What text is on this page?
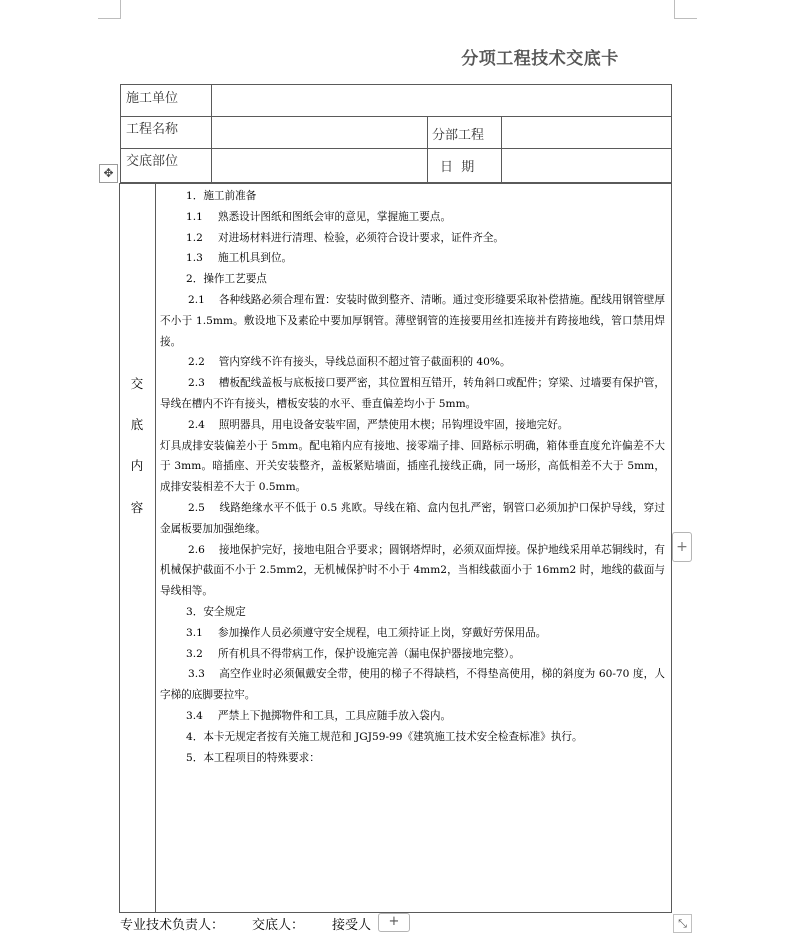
分项工程技术交底卡
施工单位
工程名称	分部工程
交底部位	日  期
✥
交
底
内
容

1．施工前准备

1.1 熟悉设计图纸和图纸会审的意见，掌握施工要点。

1.2 对进场材料进行清理、检验，必须符合设计要求，证件齐全。

1.3 施工机具到位。

2．操作工艺要点

2.1　 各种线路必须合理布置：安装时做到整齐、清晰。通过变形缝要采取补偿措施。配线用钢管壁厚不小于 1.5mm。敷设地下及素砼中要加厚钢管。薄壁钢管的连接要用丝扣连接并有跨接地线，管口禁用焊接。

2.2　 管内穿线不许有接头，导线总面积不超过管子截面积的 40%。

2.3　 槽板配线盖板与底板接口要严密，其位置相互错开，转角斜口或配件；穿梁、过墙要有保护管，导线在槽内不许有接头，槽板安装的水平、垂直偏差均小于 5mm。

2.4　 照明器具，用电设备安装牢固，严禁使用木楔；吊钩埋设牢固，接地完好。

灯具成排安装偏差小于 5mm。配电箱内应有接地、接零端子排、回路标示明确，箱体垂直度允许偏差不大于 3mm。暗插座、开关安装整齐，盖板紧贴墙面，插座孔接线正确，同一场形，高低相差不大于 5mm，成排安装相差不大于 0.5mm。

2.5　 线路绝缘水平不低于 0.5 兆欧。导线在箱、盒内包扎严密，钢管口必须加护口保护导线，穿过金属板要加加强绝缘。

2.6　 接地保护完好，接地电阻合乎要求；圆钢塔焊时，必须双面焊接。保护地线采用单芯铜线时，有机械保护截面不小于 2.5mm2，无机械保护时不小于 4mm2，当相线截面小于 16mm2 时，地线的截面与导线相等。

3．安全规定

3.1 参加操作人员必须遵守安全规程，电工须持证上岗，穿戴好劳保用品。

3.2 所有机具不得带病工作，保护设施完善（漏电保护器接地完整）。

3.3　 高空作业时必须佩戴安全带，使用的梯子不得缺档，不得垫高使用，梯的斜度为 60-70 度，人字梯的底脚要拉牢。

3.4 严禁上下抛掷物件和工具，工具应随手放入袋内。

4．本卡无规定者按有关施工规范和 JGJ59-99《建筑施工技术安全检查标准》执行。

5．本工程项目的特殊要求：

+
专业技术负责人： 交底人： 接受人	+	⤡
